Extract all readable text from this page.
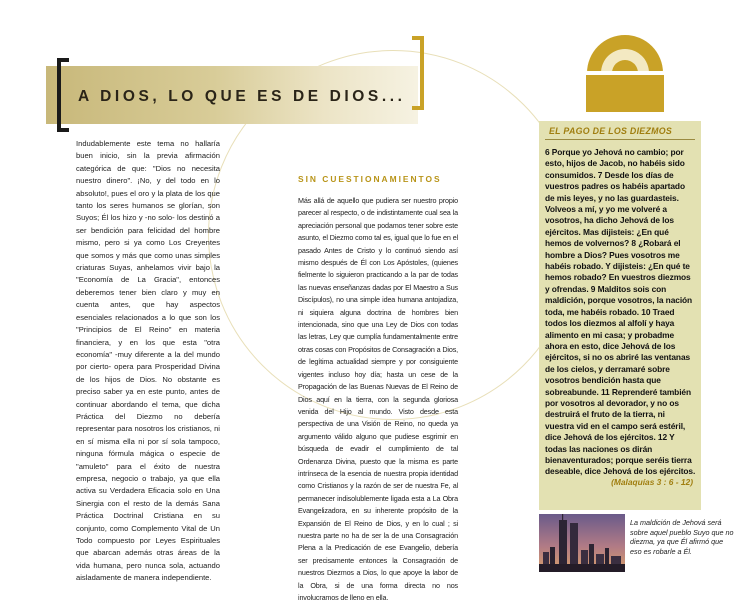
A DIOS, LO QUE ES DE DIOS...
Indudablemente este tema no hallaría buen inicio, sin la previa afirmación categórica de que: "Dios no necesita nuestro dinero". ¡No, y del todo en lo absoluto!, pues el oro y la plata de los que tanto los seres humanos se glorían, son Suyos; Él los hizo y -no solo- los destinó a ser bendición para felicidad del hombre mismo, pero si ya como Los Creyentes que somos y más que como unas simples criaturas Suyas, anhelamos vivir bajo la "Economía de La Gracia", entonces deberemos tener bien claro y muy en cuenta antes, que hay aspectos esenciales relacionados a lo que son los "Principios de El Reino" en materia financiera, y en los que esta "otra economía" -muy diferente a la del mundo por cierto- opera para Prosperidad Divina de los hijos de Dios. No obstante es preciso saber ya en este punto, antes de continuar abordando el tema, que dicha Práctica del Diezmo no debería representar para nosotros los cristianos, ni en sí misma ella ni por sí sola tampoco, ninguna fórmula mágica o especie de "amuleto" para el éxito de nuestra empresa, negocio o trabajo, ya que ella activa su Verdadera Eficacia solo en Una Sinergia con el resto de la demás Sana Práctica Doctrinal Cristiana en su conjunto, como Complemento Vital de Un Todo compuesto por Leyes Espirituales que abarcan además otras áreas de la vida humana, pero nunca sola, actuando aisladamente de manera independiente.
SIN CUESTIONAMIENTOS
Más allá de aquello que pudiera ser nuestro propio parecer al respecto, o de indistintamente cual sea la apreciación personal que podamos tener sobre este asunto, el Diezmo como tal es, igual que lo fue en el pasado Antes de Cristo y lo continuó siendo así mismo después de Él con Los Apóstoles, (quienes fielmente lo siguieron practicando a la par de todas las nuevas enseñanzas dadas por El Maestro a Sus Discípulos), no una simple idea humana antojadiza, ni siquiera alguna doctrina de hombres bien intencionada, sino que una Ley de Dios con todas las letras, Ley que cumplía fundamentalmente entre otras cosas con Propósitos de Consagración a Dios, de legítima actualidad siempre y por consiguiente vigentes incluso hoy día; hasta un cese de la Propagación de las Buenas Nuevas de El Reino de Dios aquí en la tierra, con la segunda gloriosa venida del Hijo al mundo. Visto desde esta perspectiva de una Visión de Reino, no queda ya argumento válido alguno que pudiese esgrimir en búsqueda de evadir el cumplimiento de tal Ordenanza Divina, puesto que la misma es parte intrínseca de la esencia de nuestra propia identidad como Cristianos y la razón de ser de nuestra Fe, al permanecer indisolublemente ligada esta a La Obra Evangelizadora, en su inherente propósito de la Expansión de El Reino de Dios, y en lo cual ; si nuestra parte no ha de ser la de una Consagración Plena a la Predicación de ese Evangelio, debería ser precisamente entonces la Consagración de nuestros Diezmos a Dios, lo que apoye la labor de la Obra, si de una forma directa no nos involucramos de lleno en ella.
EL PAGO DE LOS DIEZMOS
6 Porque yo Jehová no cambio; por esto, hijos de Jacob, no habéis sido consumidos. 7 Desde los días de vuestros padres os habéis apartado de mis leyes, y no las guardasteis. Volveos a mí, y yo me volveré a vosotros, ha dicho Jehová de los ejércitos. Mas dijisteis: ¿En qué hemos de volvernos? 8 ¿Robará el hombre a Dios? Pues vosotros me habéis robado. Y dijisteis: ¿En qué te hemos robado? En vuestros diezmos y ofrendas. 9 Malditos sois con maldición, porque vosotros, la nación toda, me habéis robado. 10 Traed todos los diezmos al alfolí y haya alimento en mi casa; y probadme ahora en esto, dice Jehová de los ejércitos, si no os abriré las ventanas de los cielos, y derramaré sobre vosotros bendición hasta que sobreabunde. 11 Reprenderé también por vosotros al devorador, y no os destruirá el fruto de la tierra, ni vuestra vid en el campo será estéril, dice Jehová de los ejércitos. 12 Y todas las naciones os dirán bienaventurados; porque seréis tierra deseable, dice Jehová de los ejércitos.
(Malaquías 3 : 6 - 12)
La maldición de Jehová será sobre aquel pueblo Suyo que no diezma, ya que Él afirmó que eso es robarle a Él.
